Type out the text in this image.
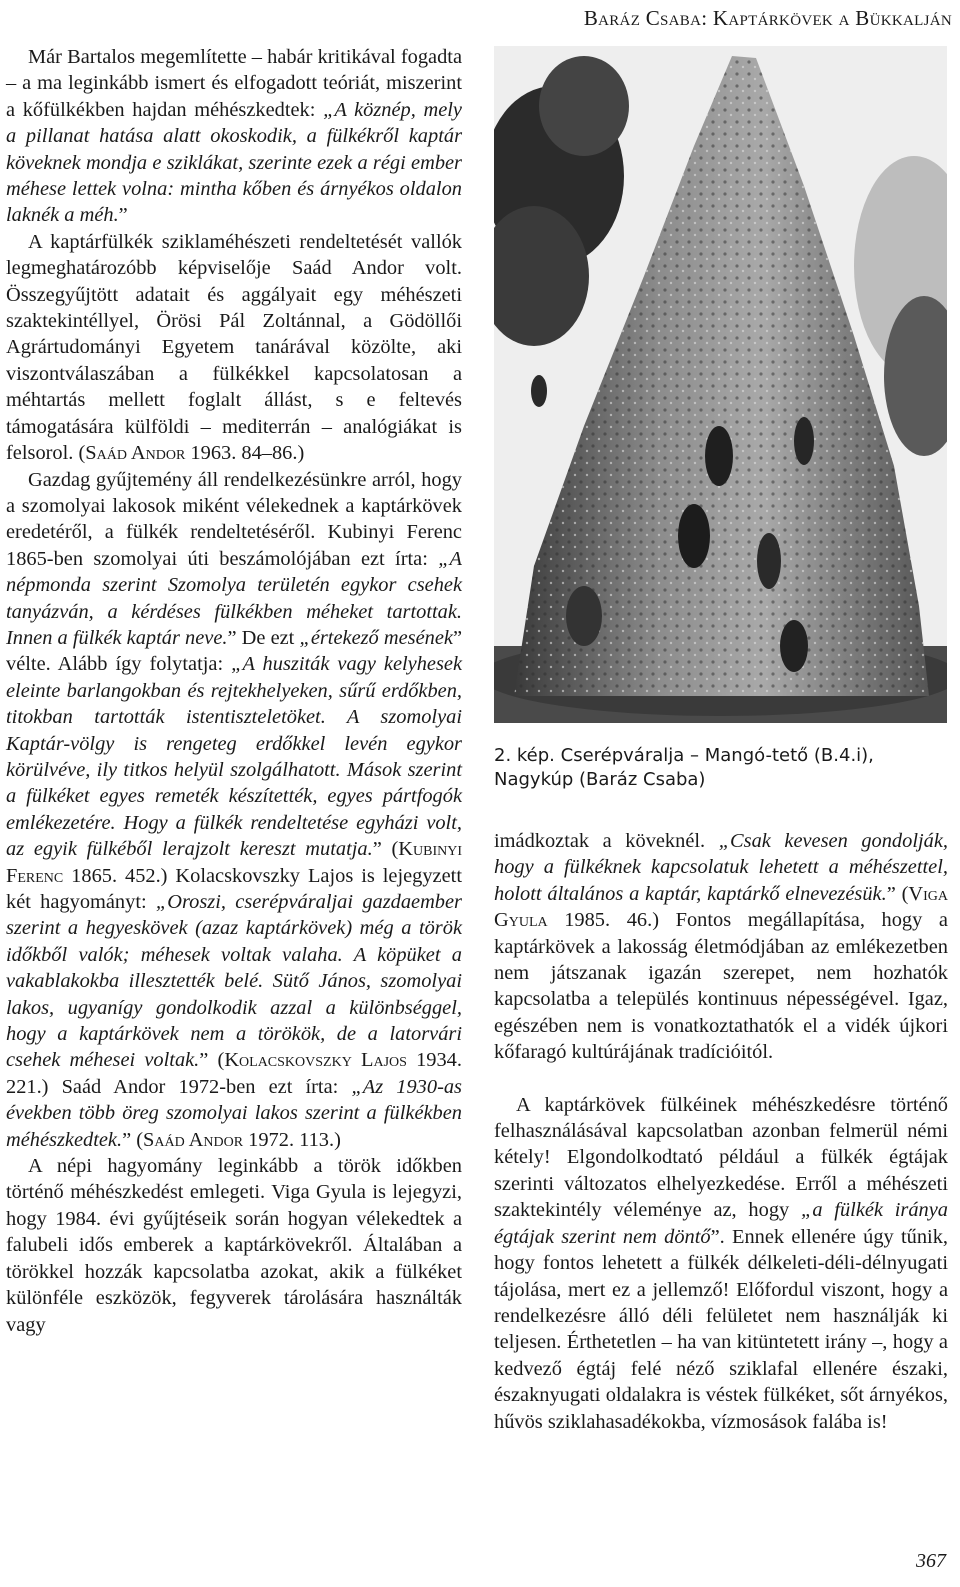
Baráz Csaba: Kaptárkövek a Bükkalján

Már Bartalos megemlítette – habár kritikával fogadta – a ma leginkább ismert és elfogadott teóriát, miszerint a kőfülkékben hajdan méhészkedtek: „A köznép, mely a pillanat hatása alatt okoskodik, a fülkékről kaptár köveknek mondja e sziklákat, szerinte ezek a régi ember méhese lettek volna: mintha kőben és árnyékos oldalon laknék a méh.”

A kaptárfülkék sziklaméhészeti rendeltetését vallók legmeghatározóbb képviselője Saád Andor volt. Összegyűjtött adatait és aggályait egy méhészeti szaktekintéllyel, Örösi Pál Zoltánnal, a Gödöllői Agrártudományi Egyetem tanárával közölte, aki viszontválaszában a fülkékkel kapcsolatosan a méhtartás mellett foglalt állást, s e feltevés támogatására külföldi – mediterrán – analógiákat is felsorol. (Saád Andor 1963. 84–86.)

Gazdag gyűjtemény áll rendelkezésünkre arról, hogy a szomolyai lakosok miként vélekednek a kaptárkövek eredetéről, a fülkék rendeltetéséről. Kubinyi Ferenc 1865-ben szomolyai úti beszámolójában ezt írta: „A népmonda szerint Szomolya területén egykor csehek tanyázván, a kérdéses fülkékben méheket tartottak. Innen a fülkék kaptár neve.” De ezt „értekező mesének” vélte. Alább így folytatja: „A husziták vagy kelyhesek eleinte barlangokban és rejtekhelyeken, sűrű erdőkben, titokban tartották istentiszteletöket. A szomolyai Kaptár-völgy is rengeteg erdőkkel levén egykor körülvéve, ily titkos helyül szolgálhatott. Mások szerint a fülkéket egyes remeték készítették, egyes pártfogók emlékezetére. Hogy a fülkék rendeltetése egyházi volt, az egyik fülkéből lerajzolt kereszt mutatja.” (Kubinyi Ferenc 1865. 452.) Kolacskovszky Lajos is lejegyzett két hagyományt: „Oroszi, cserépváraljai gazdaember szerint a hegyeskövek (azaz kaptárkövek) még a török időkből valók; méhesek voltak valaha. A köpüket a vakablakokba illesztették belé. Sütő János, szomolyai lakos, ugyanígy gondolkodik azzal a különbséggel, hogy a kaptárkövek nem a törökök, de a latorvári csehek méhesei voltak.” (Kolacskovszky Lajos 1934. 221.) Saád Andor 1972-ben ezt írta: „Az 1930-as években több öreg szomolyai lakos szerint a fülkékben méhészkedtek.” (Saád Andor 1972. 113.)

A népi hagyomány leginkább a török időkben történő méhészkedést emlegeti. Viga Gyula is lejegyzi, hogy 1984. évi gyűjtéseik során hogyan vélekedtek a falubeli idős emberek a kaptárkövekről. Általában a törökkel hozzák kapcsolatba azokat, akik a fülkéket különféle eszközök, fegyverek tárolására használták vagy

2. kép. Cserépváralja – Mangó-tető (B.4.i), Nagykúp (Baráz Csaba)

imádkoztak a köveknél. „Csak kevesen gondolják, hogy a fülkéknek kapcsolatuk lehetett a méhészettel, holott általános a kaptár, kaptárkő elnevezésük.” (Viga Gyula 1985. 46.) Fontos megállapítása, hogy a kaptárkövek a lakosság életmódjában az emlékezetben nem játszanak igazán szerepet, nem hozhatók kapcsolatba a település kontinuus népességével. Igaz, egészében nem is vonatkoztathatók el a vidék újkori kőfaragó kultúrájának tradícióitól.

A kaptárkövek fülkéinek méhészkedésre történő felhasználásával kapcsolatban azonban felmerül némi kétely! Elgondolkodtató például a fülkék égtájak szerinti változatos elhelyezkedése. Erről a méhészeti szaktekintély véleménye az, hogy „a fülkék iránya égtájak szerint nem döntő”. Ennek ellenére úgy tűnik, hogy fontos lehetett a fülkék délkeleti-déli-délnyugati tájolása, mert ez a jellemző! Előfordul viszont, hogy a rendelkezésre álló déli felületet nem használják ki teljesen. Érthetetlen – ha van kitüntetett irány –, hogy a kedvező égtáj felé néző sziklafal ellenére északi, északnyugati oldalakra is véstek fülkéket, sőt árnyékos, hűvös sziklahasadékokba, vízmosások falába is!

367
